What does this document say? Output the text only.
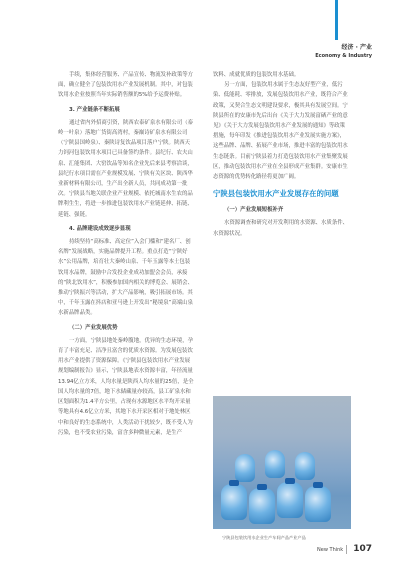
经济 · 产业
Economy & Industry

手续，集体经营服务、产品宣传、物流发补政策等方面，确立健全了包装饮用水产业发展机制。其中，对包装饮用水企业按照当年实际销售额的5%给予运费补贴。

3. 产业链条不断拓展

通过省内外招商引资，陕西农泰矿泉水有限公司（泰岭一叶泉）落地广货街高湾村，秦巅诗矿泉水有限公司（宁陕县国岭泉）、秦陕诗复饮品项目落户宁陕。陕西天力饲河包装饮用水项目已具备签约条件。县纪行、农夫山泉、汇能集团、大窑饮品等知名企业先后来县考察洽谈，县纪行水项目需在产业规模发展、宁陕有关区块、陕西华业新材料有限公司，生产出全新人员，共同成功第一批次。宁陕县当地关联企业产业规模、依托城南水生农的品牌利生生，将进一步推进包装饮用水产业链延伸、拓链、延链、强链。

4. 品牌建设成效逐步显现

持续坚持“高标准、高定位”入会门槛和“建名厂、创名牌”发展战略，实施品牌提升工程。重点打造“宁陕好水”公用品牌，培育壮大秦岭山泉、千年玉露等本土包装饮用水品牌，鼓励中合发投企业成功加盟会会员，承接的“陕北饮用水”，积极参加国内相关的博览会、展销会、推动宁陕振兴等活动，扩大产品影响，吸引拓展市场。其中，千年玉露在抖店和亚马逊上开发出“秘境泉”高端山泉水新品牌品类。

（二）产业发展优势

一方面，宁陕县地处秦岭腹地，优异的生态环境，孕育了丰富充足、洁净且富含的优质水资源。为发展包装饮用水产业提供了资源保障。《宁陕县包装饮用水产业发展规划编制报告》显示，宁陕县地表水资源丰富，年径流量13.94亿立方米，人均水量是陕西人均水量的25倍，是全国人均水量的7倍，地下水储藏量亦较高，县工矿泉水和区划面积为1.4平方公里，占现有水源地区水平均开采量等地具有4.6亿立方米，其地下水开采区相对于地处林区中和良好的生态系统中，人类活动干扰较少，既不受人为污染，也不受农业污染，富含多种微量元素，是生产

饮料、成就优质的包装饮用水基础。

另一方面，包装饮用水属于生态友好型产业，低污染、低能耗、零排放，发展包装饮用水产业，既符合产业政策，又契合生态文明建设要求，极其具有发展空间。宁陕县所在的安康市先后出台《关于大力发展富硒产业的意见》《关于大力发展包装饮用水产业发展的通知》等政策措施，每年印发《推进包装饮用水产业发展实施方案》，这些品牌、品牌、拓展产业市场，推进丰富的包装饮用水生态链条。目前宁陕县着力打造包装饮用水产业集聚发展区，推动包装饮用水产业在全县形成产业集群。安康市生态资源的优势转化路径将更加广阔。

宁陕县包装饮用水产业发展存在的问题

（一）产业发展短板补齐

水资源调查和研究对开发利用的水资源、水质条件、水资源状况。

宁陕县包装饮用水企业生产车间产品产业产品
New Think 107
